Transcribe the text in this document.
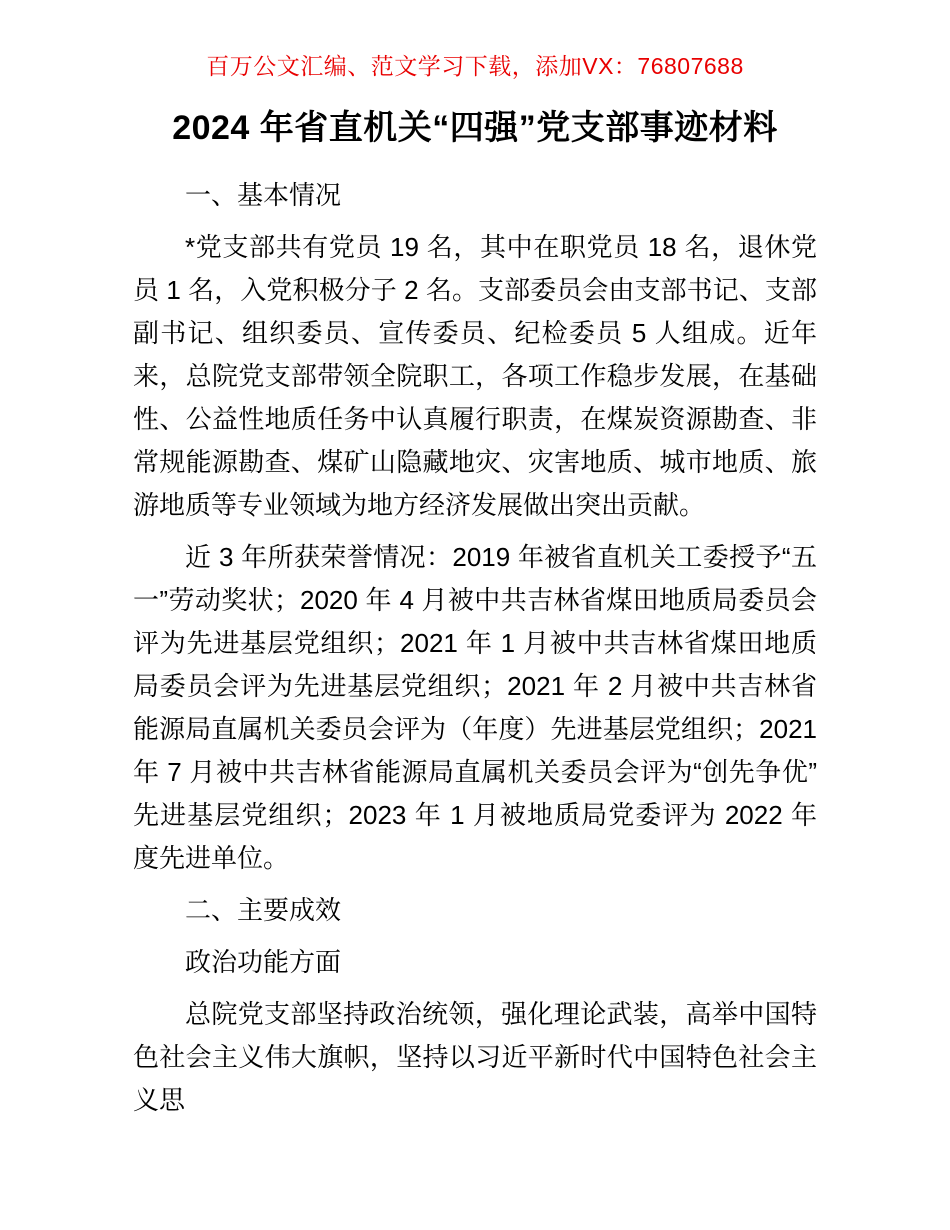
百万公文汇编、范文学习下载，添加VX：76807688
2024 年省直机关“四强”党支部事迹材料
一、基本情况
*党支部共有党员 19 名，其中在职党员 18 名，退休党员 1 名，入党积极分子 2 名。支部委员会由支部书记、支部副书记、组织委员、宣传委员、纪检委员 5 人组成。近年来，总院党支部带领全院职工，各项工作稳步发展，在基础性、公益性地质任务中认真履行职责，在煤炭资源勘查、非常规能源勘查、煤矿山隐藏地灾、灾害地质、城市地质、旅游地质等专业领域为地方经济发展做出突出贡献。
近 3 年所获荣誉情况：2019 年被省直机关工委授予“五一”劳动奖状；2020 年 4 月被中共吉林省煤田地质局委员会评为先进基层党组织；2021 年 1 月被中共吉林省煤田地质局委员会评为先进基层党组织；2021 年 2 月被中共吉林省能源局直属机关委员会评为（年度）先进基层党组织；2021 年 7 月被中共吉林省能源局直属机关委员会评为“创先争优”先进基层党组织；2023 年 1 月被地质局党委评为 2022 年度先进单位。
二、主要成效
政治功能方面
总院党支部坚持政治统领，强化理论武装，高举中国特色社会主义伟大旗帜，坚持以习近平新时代中国特色社会主义思
